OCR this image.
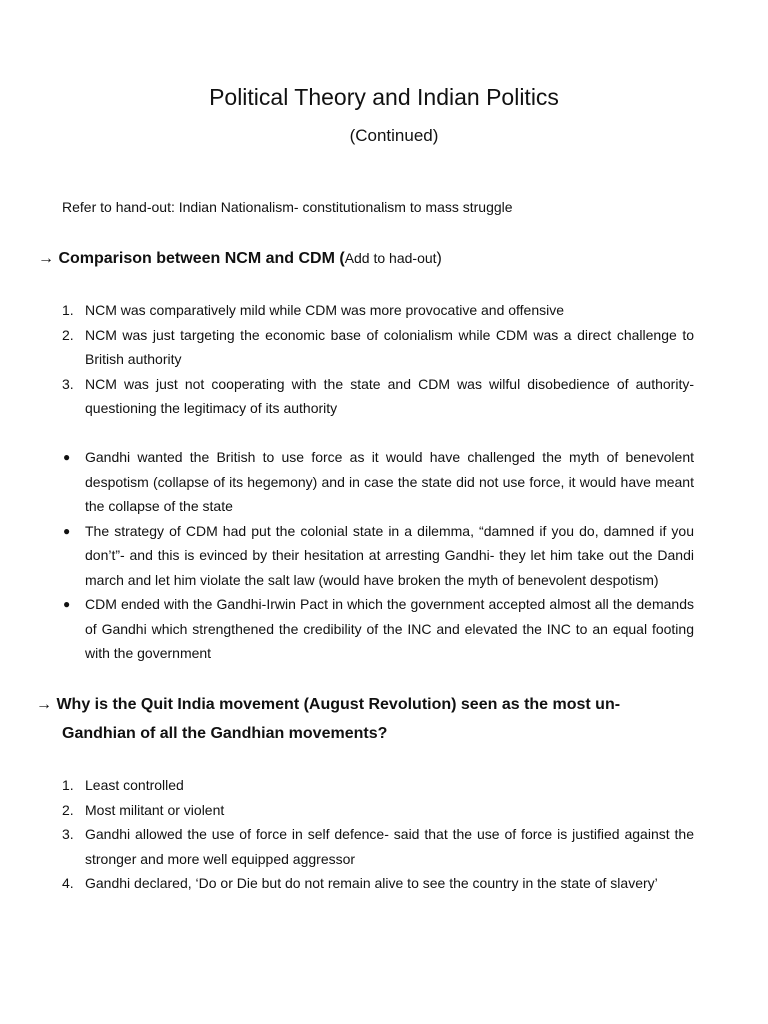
Political Theory and Indian Politics
(Continued)

Refer to hand-out: Indian Nationalism- constitutionalism to mass struggle

→ Comparison between NCM and CDM (Add to had-out)
1. NCM was comparatively mild while CDM was more provocative and offensive
2. NCM was just targeting the economic base of colonialism while CDM was a direct challenge to British authority
3. NCM was just not cooperating with the state and CDM was wilful disobedience of authority- questioning the legitimacy of its authority
● Gandhi wanted the British to use force as it would have challenged the myth of benevolent despotism (collapse of its hegemony) and in case the state did not use force, it would have meant the collapse of the state
● The strategy of CDM had put the colonial state in a dilemma, “damned if you do, damned if you don’t”- and this is evinced by their hesitation at arresting Gandhi- they let him take out the Dandi march and let him violate the salt law (would have broken the myth of benevolent despotism)
● CDM ended with the Gandhi-Irwin Pact in which the government accepted almost all the demands of Gandhi which strengthened the credibility of the INC and elevated the INC to an equal footing with the government
→ Why is the Quit India movement (August Revolution) seen as the most un-
Gandhian of all the Gandhian movements?
1. Least controlled
2. Most militant or violent
3. Gandhi allowed the use of force in self defence- said that the use of force is justified against the stronger and more well equipped aggressor
4. Gandhi declared, ‘Do or Die but do not remain alive to see the country in the state of slavery’
